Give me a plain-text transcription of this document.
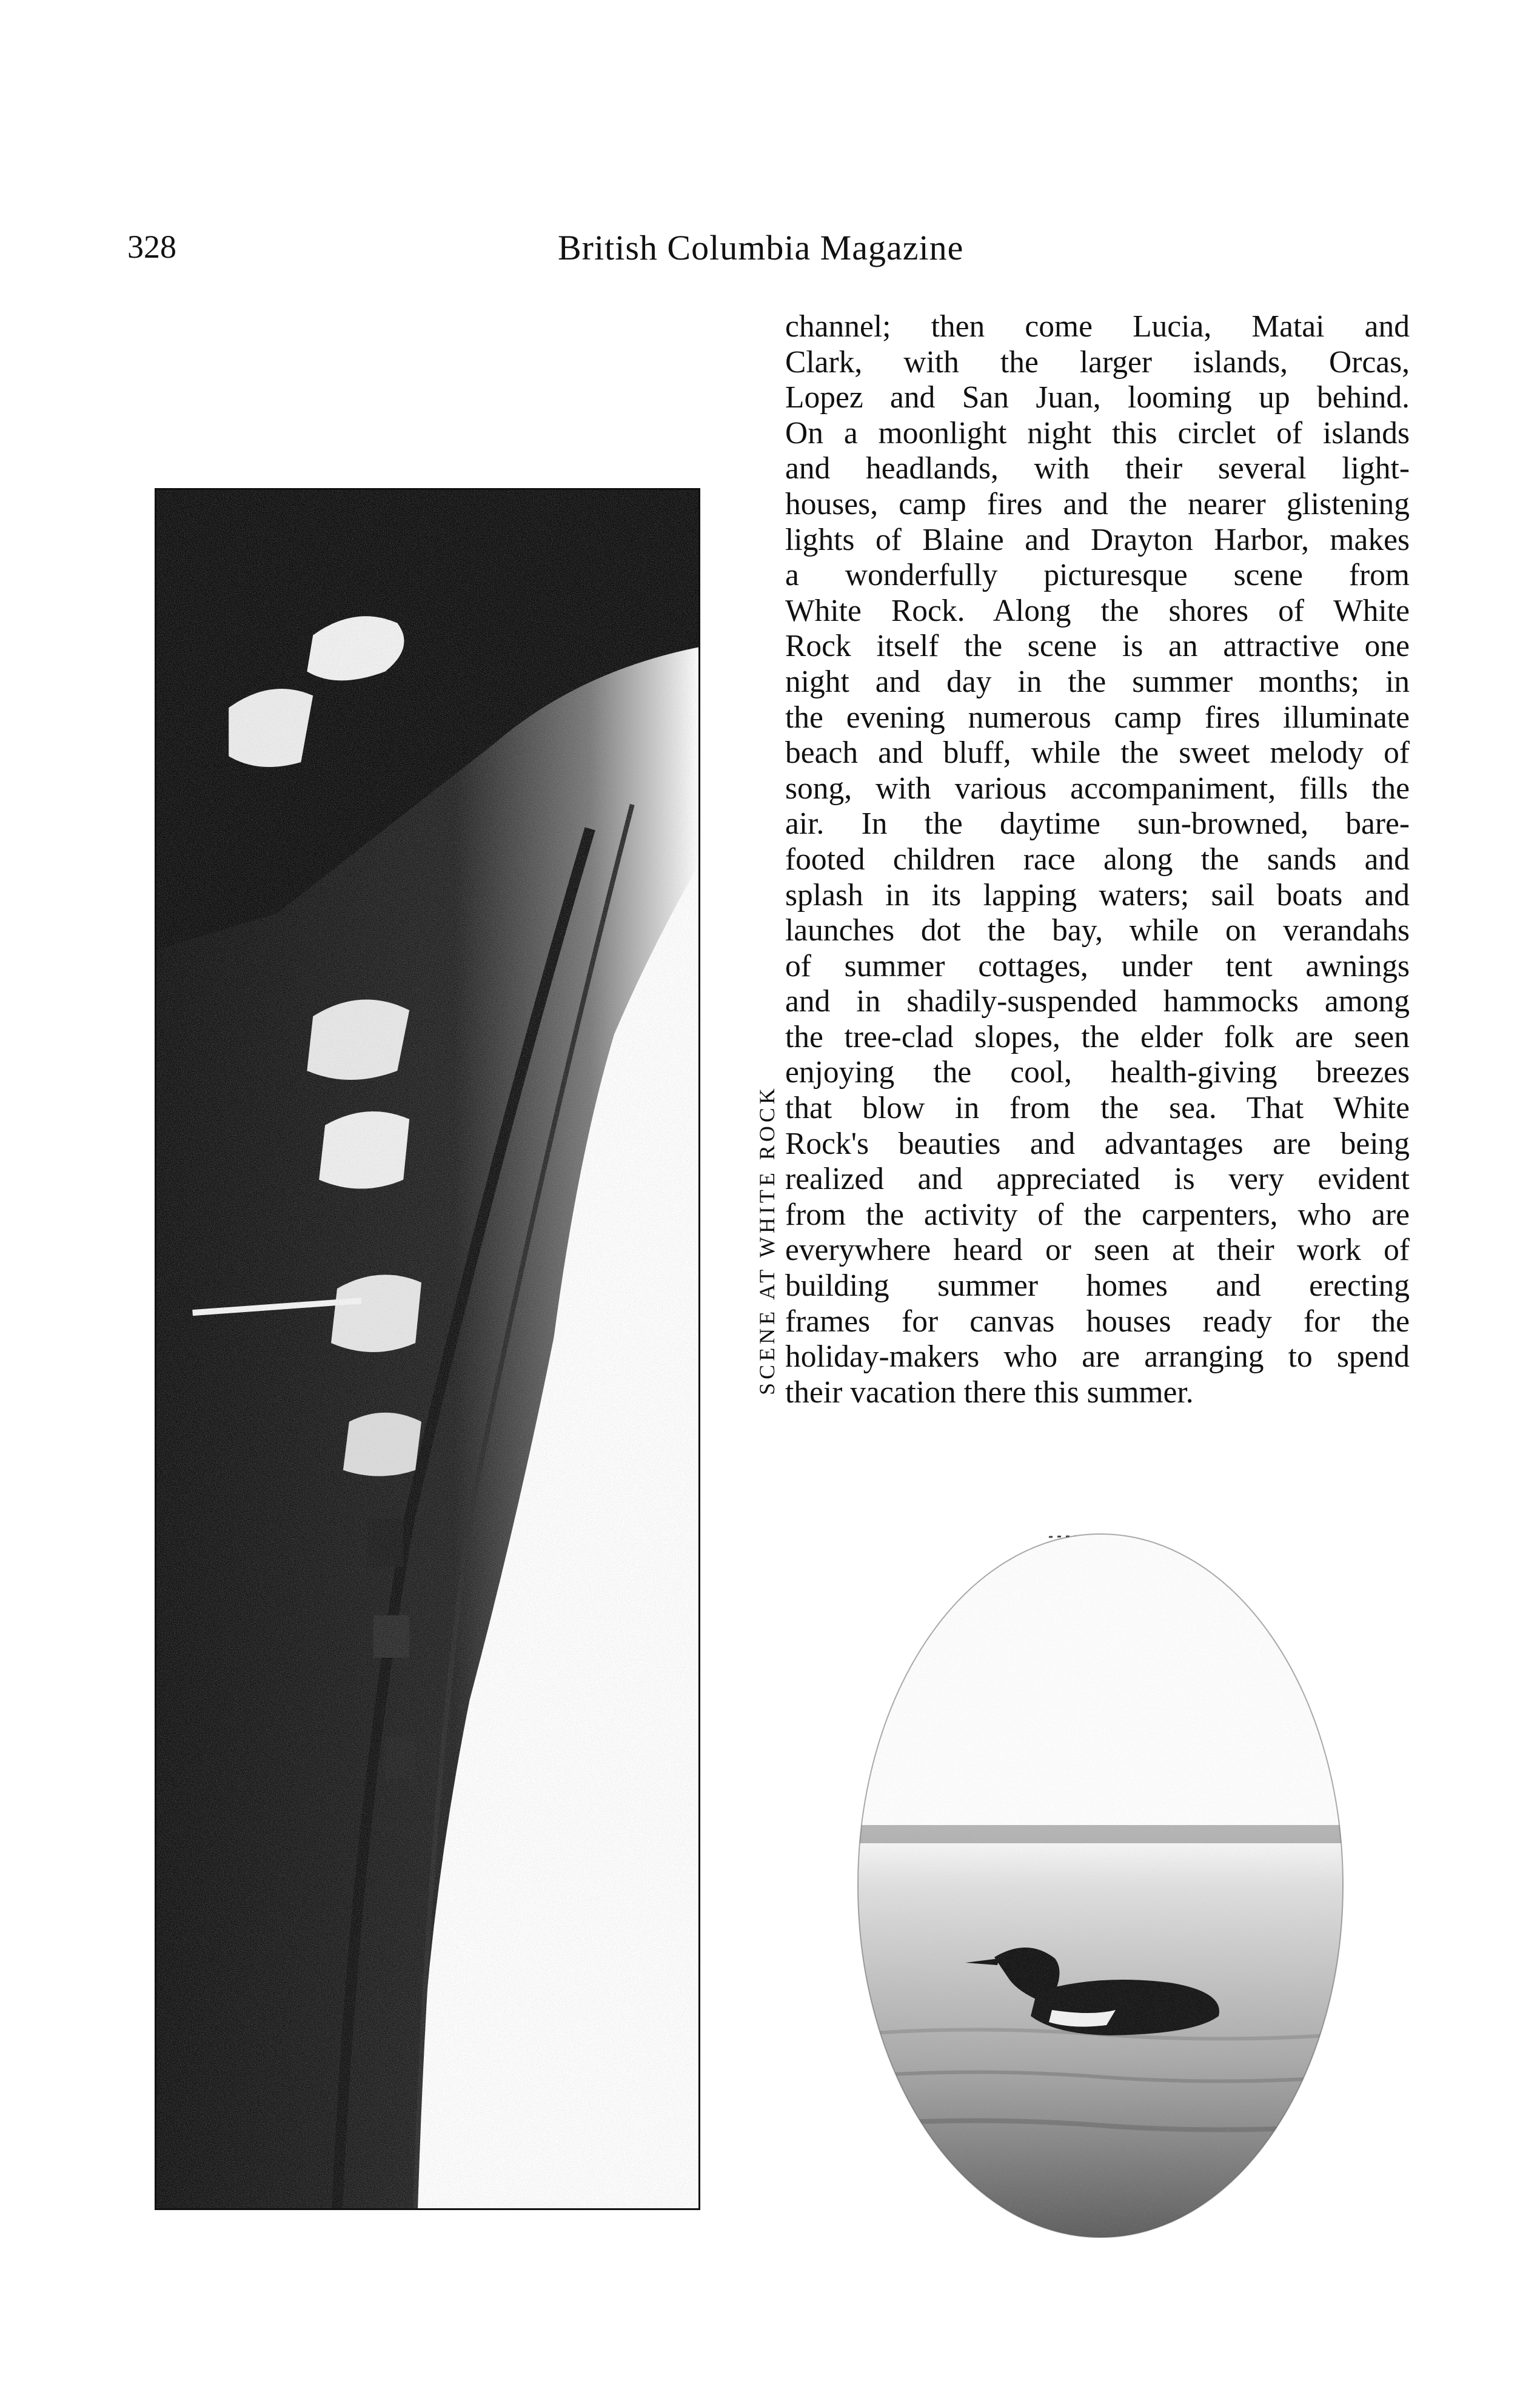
328	British Columbia Magazine
channel; then come Lucia, Matai and
Clark, with the larger islands, Orcas,
Lopez and San Juan, looming up behind.
On a moonlight night this circlet of islands
and headlands, with their several light-
houses, camp fires and the nearer glistening
lights of Blaine and Drayton Harbor, makes
a wonderfully picturesque scene from
White Rock. Along the shores of White
Rock itself the scene is an attractive one
night and day in the summer months; in
the evening numerous camp fires illuminate
beach and bluff, while the sweet melody of
song, with various accompaniment, fills the
air. In the daytime sun-browned, bare-
footed children race along the sands and
splash in its lapping waters; sail boats and
launches dot the bay, while on verandahs
of summer cottages, under tent awnings
and in shadily-suspended hammocks among
the tree-clad slopes, the elder folk are seen
enjoying the cool, health-giving breezes
that blow in from the sea. That White
Rock's beauties and advantages are being
realized and appreciated is very evident
from the activity of the carpenters, who are
everywhere heard or seen at their work of
building summer homes and erecting
frames for canvas houses ready for the
holiday-makers who are arranging to spend
their vacation there this summer.
SCENE AT WHITE ROCK
